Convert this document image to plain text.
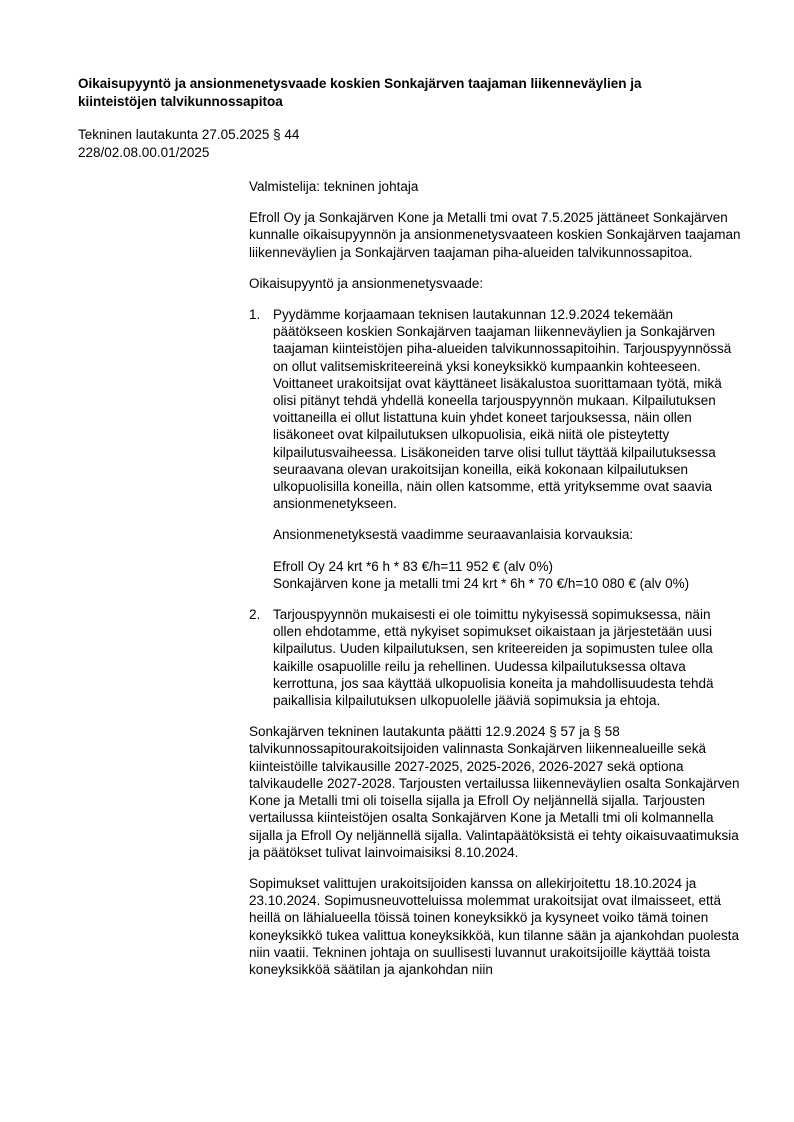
Oikaisupyyntö ja ansionmenetysvaade koskien Sonkajärven taajaman liikenneväylien ja kiinteistöjen talvikunnossapitoa
Tekninen lautakunta 27.05.2025 § 44
228/02.08.00.01/2025

Valmistelija: tekninen johtaja

Efroll Oy ja Sonkajärven Kone ja Metalli tmi ovat 7.5.2025 jättäneet Sonkajärven kunnalle oikaisupyynnön ja ansionmenetysvaateen koskien Sonkajärven taajaman liikenneväylien ja Sonkajärven taajaman piha-alueiden talvikunnossapitoa.

Oikaisupyyntö ja ansionmenetysvaade:

1. Pyydämme korjaamaan teknisen lautakunnan 12.9.2024 tekemään päätökseen koskien Sonkajärven taajaman liikenneväylien ja Sonkajärven taajaman kiinteistöjen piha-alueiden talvikunnossapitoihin. Tarjouspyynnössä on ollut valitsemiskriteereinä yksi koneyksikkö kumpaankin kohteeseen. Voittaneet urakoitsijat ovat käyttäneet lisäkalustoa suorittamaan työtä, mikä olisi pitänyt tehdä yhdellä koneella tarjouspyynnön mukaan. Kilpailutuksen voittaneilla ei ollut listattuna kuin yhdet koneet tarjouksessa, näin ollen lisäkoneet ovat kilpailutuksen ulkopuolisia, eikä niitä ole pisteytetty kilpailutusvaiheessa. Lisäkoneiden tarve olisi tullut täyttää kilpailutuksessa seuraavana olevan urakoitsijan koneilla, eikä kokonaan kilpailutuksen ulkopuolisilla koneilla, näin ollen katsomme, että yrityksemme ovat saavia ansionmenetykseen.

Ansionmenetyksestä vaadimme seuraavanlaisia korvauksia:

Efroll Oy 24 krt *6 h * 83 €/h=11 952 € (alv 0%)
Sonkajärven kone ja metalli tmi 24 krt * 6h * 70 €/h=10 080 € (alv 0%)

2. Tarjouspyynnön mukaisesti ei ole toimittu nykyisessä sopimuksessa, näin ollen ehdotamme, että nykyiset sopimukset oikaistaan ja järjestetään uusi kilpailutus. Uuden kilpailutuksen, sen kriteereiden ja sopimusten tulee olla kaikille osapuolille reilu ja rehellinen. Uudessa kilpailutuksessa oltava kerrottuna, jos saa käyttää ulkopuolisia koneita ja mahdollisuudesta tehdä paikallisia kilpailutuksen ulkopuolelle jääviä sopimuksia ja ehtoja.

Sonkajärven tekninen lautakunta päätti 12.9.2024 § 57 ja § 58 talvikunnossapitourakoitsijoiden valinnasta Sonkajärven liikennealueille sekä kiinteistöille talvikausille 2027-2025, 2025-2026, 2026-2027 sekä optiona talvikaudelle 2027-2028. Tarjousten vertailussa liikenneväylien osalta Sonkajärven Kone ja Metalli tmi oli toisella sijalla ja Efroll Oy neljännellä sijalla. Tarjousten vertailussa kiinteistöjen osalta Sonkajärven Kone ja Metalli tmi oli kolmannella sijalla ja Efroll Oy neljännellä sijalla. Valintapäätöksistä ei tehty oikaisuvaatimuksia ja päätökset tulivat lainvoimaisiksi 8.10.2024.

Sopimukset valittujen urakoitsijoiden kanssa on allekirjoitettu 18.10.2024 ja 23.10.2024. Sopimusneuvotteluissa molemmat urakoitsijat ovat ilmaisseet, että heillä on lähialueella töissä toinen koneyksikkö ja kysyneet voiko tämä toinen koneyksikkö tukea valittua koneyksikköä, kun tilanne sään ja ajankohdan puolesta niin vaatii. Tekninen johtaja on suullisesti luvannut urakoitsijoille käyttää toista koneyksikköä säätilan ja ajankohdan niin
